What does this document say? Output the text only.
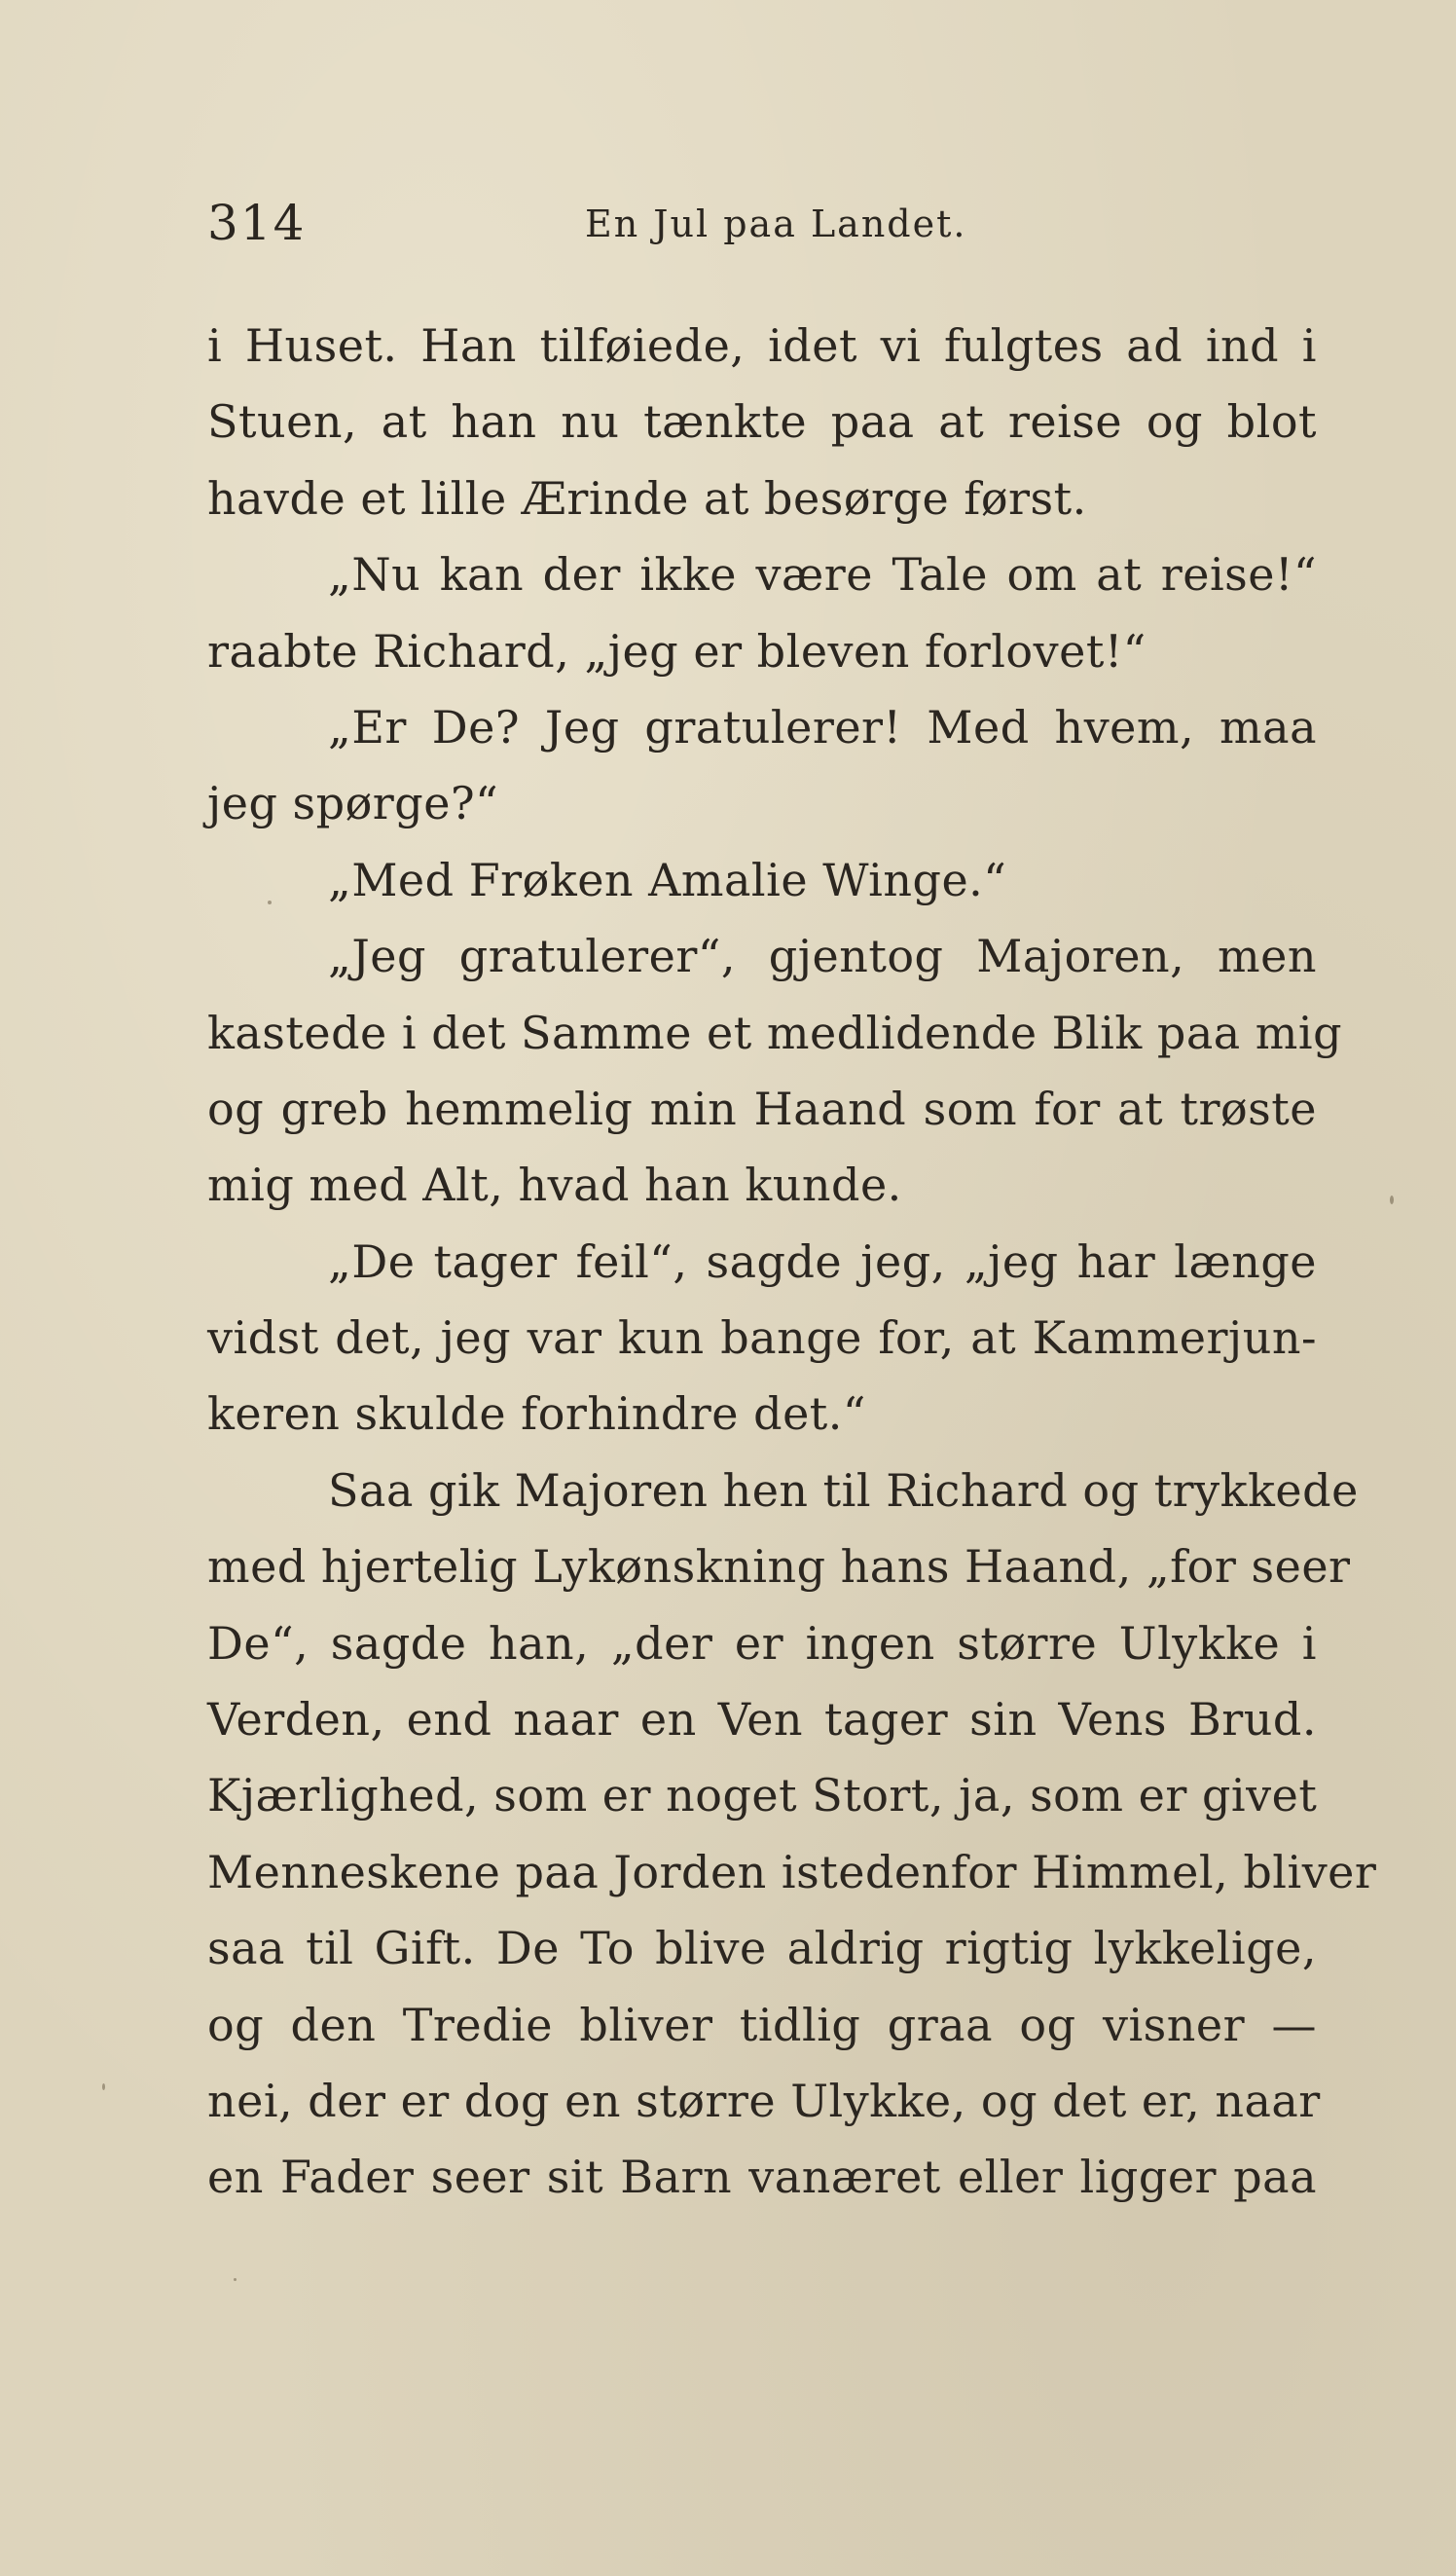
314	En Jul paa Landet.
i Huset. Han tilføiede, idet vi fulgtes ad ind i
Stuen, at han nu tænkte paa at reise og blot
havde et lille Ærinde at besørge først.
„Nu kan der ikke være Tale om at reise!“
raabte Richard, „jeg er bleven forlovet!“
„Er De? Jeg gratulerer! Med hvem, maa
jeg spørge?“
„Med Frøken Amalie Winge.“
„Jeg gratulerer“, gjentog Majoren, men
kastede i det Samme et medlidende Blik paa mig
og greb hemmelig min Haand som for at trøste
mig med Alt, hvad han kunde.
„De tager feil“, sagde jeg, „jeg har længe
vidst det, jeg var kun bange for, at Kammerjun-
keren skulde forhindre det.“
Saa gik Majoren hen til Richard og trykkede
med hjertelig Lykønskning hans Haand, „for seer
De“, sagde han, „der er ingen større Ulykke i
Verden, end naar en Ven tager sin Vens Brud.
Kjærlighed, som er noget Stort, ja, som er givet
Menneskene paa Jorden istedenfor Himmel, bliver
saa til Gift. De To blive aldrig rigtig lykkelige,
og den Tredie bliver tidlig graa og visner —
nei, der er dog en større Ulykke, og det er, naar
en Fader seer sit Barn vanæret eller ligger paa
